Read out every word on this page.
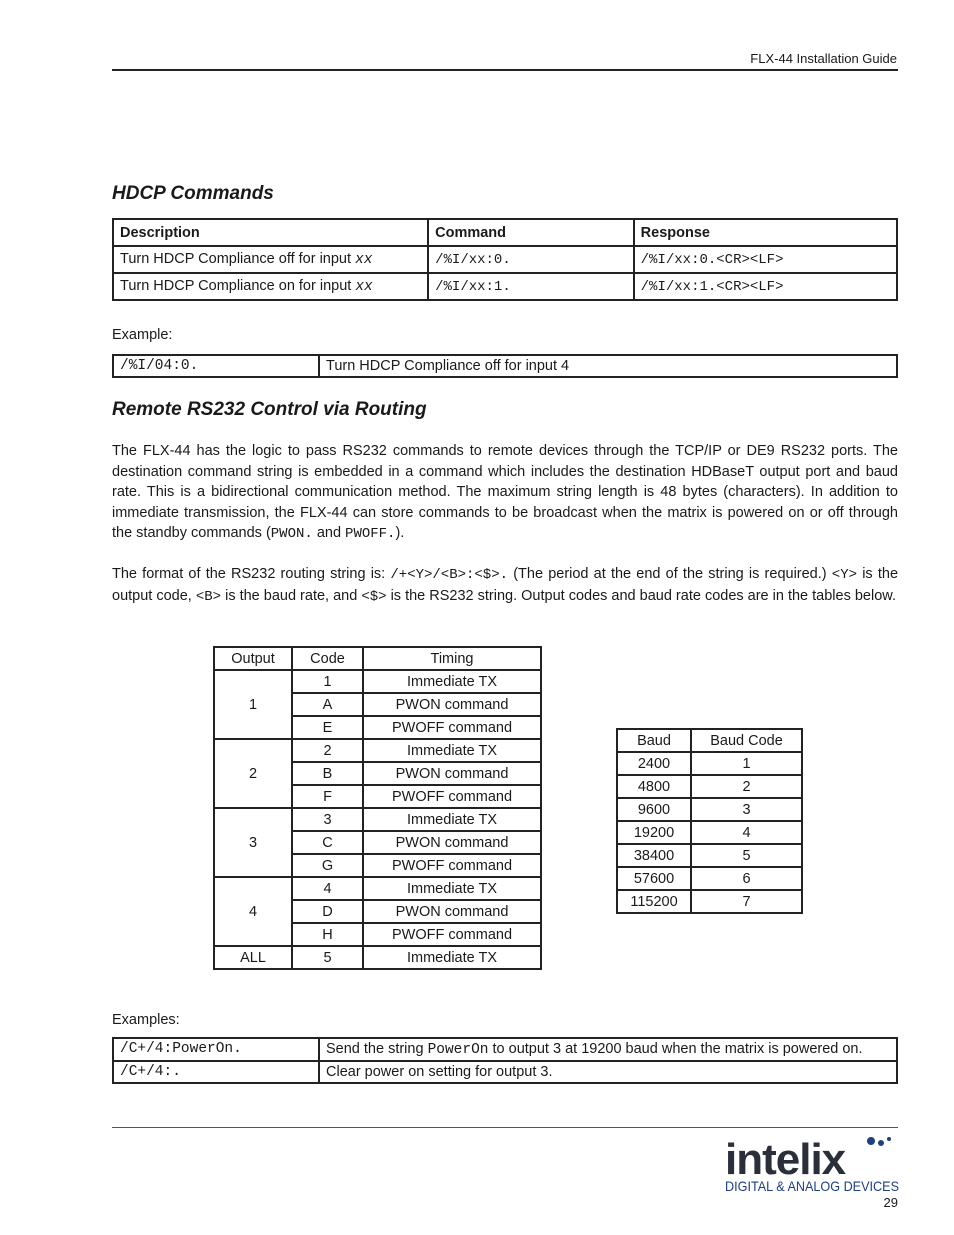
FLX-44 Installation Guide
HDCP Commands
Description	Command	Response
Turn HDCP Compliance off for input xx	/%I/xx:0.	/%I/xx:0.<CR><LF>
Turn HDCP Compliance on for input xx	/%I/xx:1.	/%I/xx:1.<CR><LF>
Example:
/%I/04:0.	Turn HDCP Compliance off for input 4
Remote RS232 Control via Routing
The FLX-44 has the logic to pass RS232 commands to remote devices through the TCP/IP or DE9 RS232 ports. The destination command string is embedded in a command which includes the destination HDBaseT output port and baud rate. This is a bidirectional communication method. The maximum string length is 48 bytes (characters). In addition to immediate transmission, the FLX-44 can store commands to be broadcast when the matrix is powered on or off through the standby commands (PWON. and PWOFF.).
The format of the RS232 routing string is: /+<Y>/<B>:<$>. (The period at the end of the string is required.) <Y> is the output code, <B> is the baud rate, and <$> is the RS232 string. Output codes and baud rate codes are in the tables below.
Output	Code	Timing
1	1	Immediate TX
	A	PWON command
	E	PWOFF command
2	2	Immediate TX
	B	PWON command
	F	PWOFF command
3	3	Immediate TX
	C	PWON command
	G	PWOFF command
4	4	Immediate TX
	D	PWON command
	H	PWOFF command
ALL	5	Immediate TX
Baud	Baud Code
2400	1
4800	2
9600	3
19200	4
38400	5
57600	6
115200	7
Examples:
/C+/4:PowerOn.	Send the string PowerOn to output 3 at 19200 baud when the matrix is powered on.
/C+/4:.	Clear power on setting for output 3.
intelix
DIGITAL & ANALOG DEVICES
29
